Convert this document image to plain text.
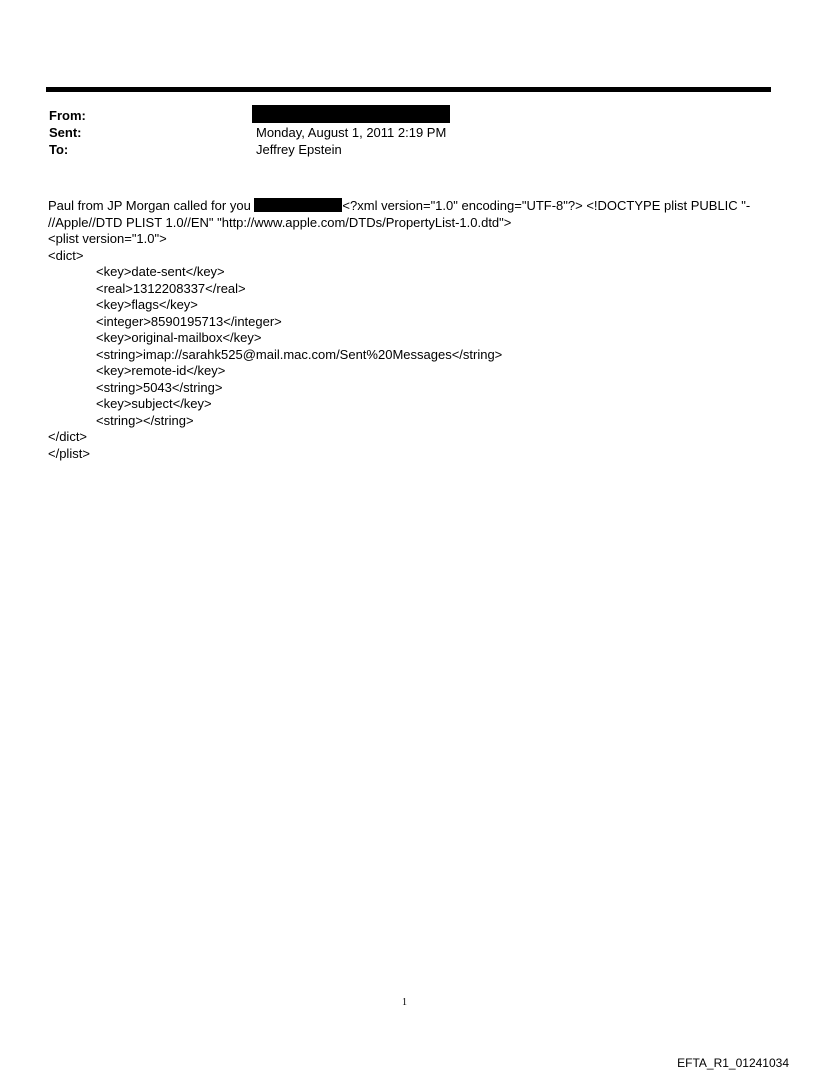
From:
Sent:	Monday, August 1, 2011 2:19 PM
To:	Jeffrey Epstein
Paul from JP Morgan called for you	<?xml version="1.0" encoding="UTF-8"?> <!DOCTYPE plist PUBLIC "-
//Apple//DTD PLIST 1.0//EN" "http://www.apple.com/DTDs/PropertyList-1.0.dtd">
<plist version="1.0">
<dict>
<key>date-sent</key>
<real>1312208337</real>
<key>flags</key>
<integer>8590195713</integer>
<key>original-mailbox</key>
<string>imap://sarahk525@mail.mac.com/Sent%20Messages</string>
<key>remote-id</key>
<string>5043</string>
<key>subject</key>
<string></string>
</dict>
</plist>
1
EFTA_R1_01241034
